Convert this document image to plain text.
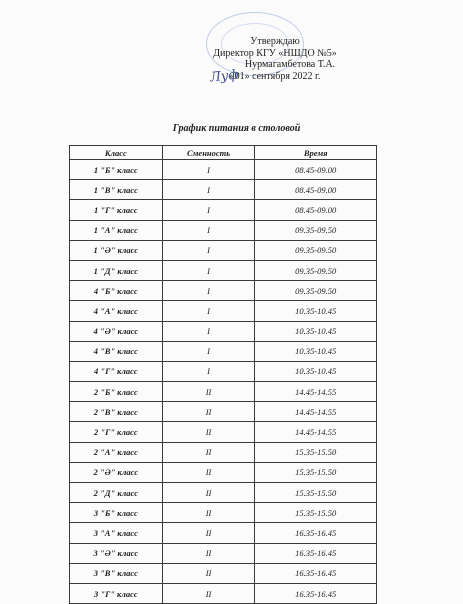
Утверждаю
Директор КГУ «НШДО №5»
Нурмагамбетова Т.А.
«01» сентября 2022 г.
Луф
График питания в столовой
Класс	Сменность	Время
1 "Б" класс	I	08.45-09.00
1 "В" класс	I	08.45-09.00
1 "Г" класс	I	08.45-09.00
1 "А" класс	I	09.35-09.50
1 "Ә" класс	I	09.35-09.50
1 "Д" класс	I	09.35-09.50
4 "Б" класс	I	09.35-09.50
4 "А" класс	I	10.35-10.45
4 "Ә" класс	I	10.35-10.45
4 "В" класс	I	10.35-10.45
4 "Г" класс	I	10.35-10.45
2 "Б" класс	II	14.45-14.55
2 "В" класс	II	14.45-14.55
2 "Г" класс	II	14.45-14.55
2 "А" класс	II	15.35-15.50
2 "Ә" класс	II	15.35-15.50
2 "Д" класс	II	15.35-15.50
3 "Б" класс	II	15.35-15.50
3 "А" класс	II	16.35-16.45
3 "Ә" класс	II	16.35-16.45
3 "В" класс	II	16.35-16.45
3 "Г" класс	II	16.35-16.45
